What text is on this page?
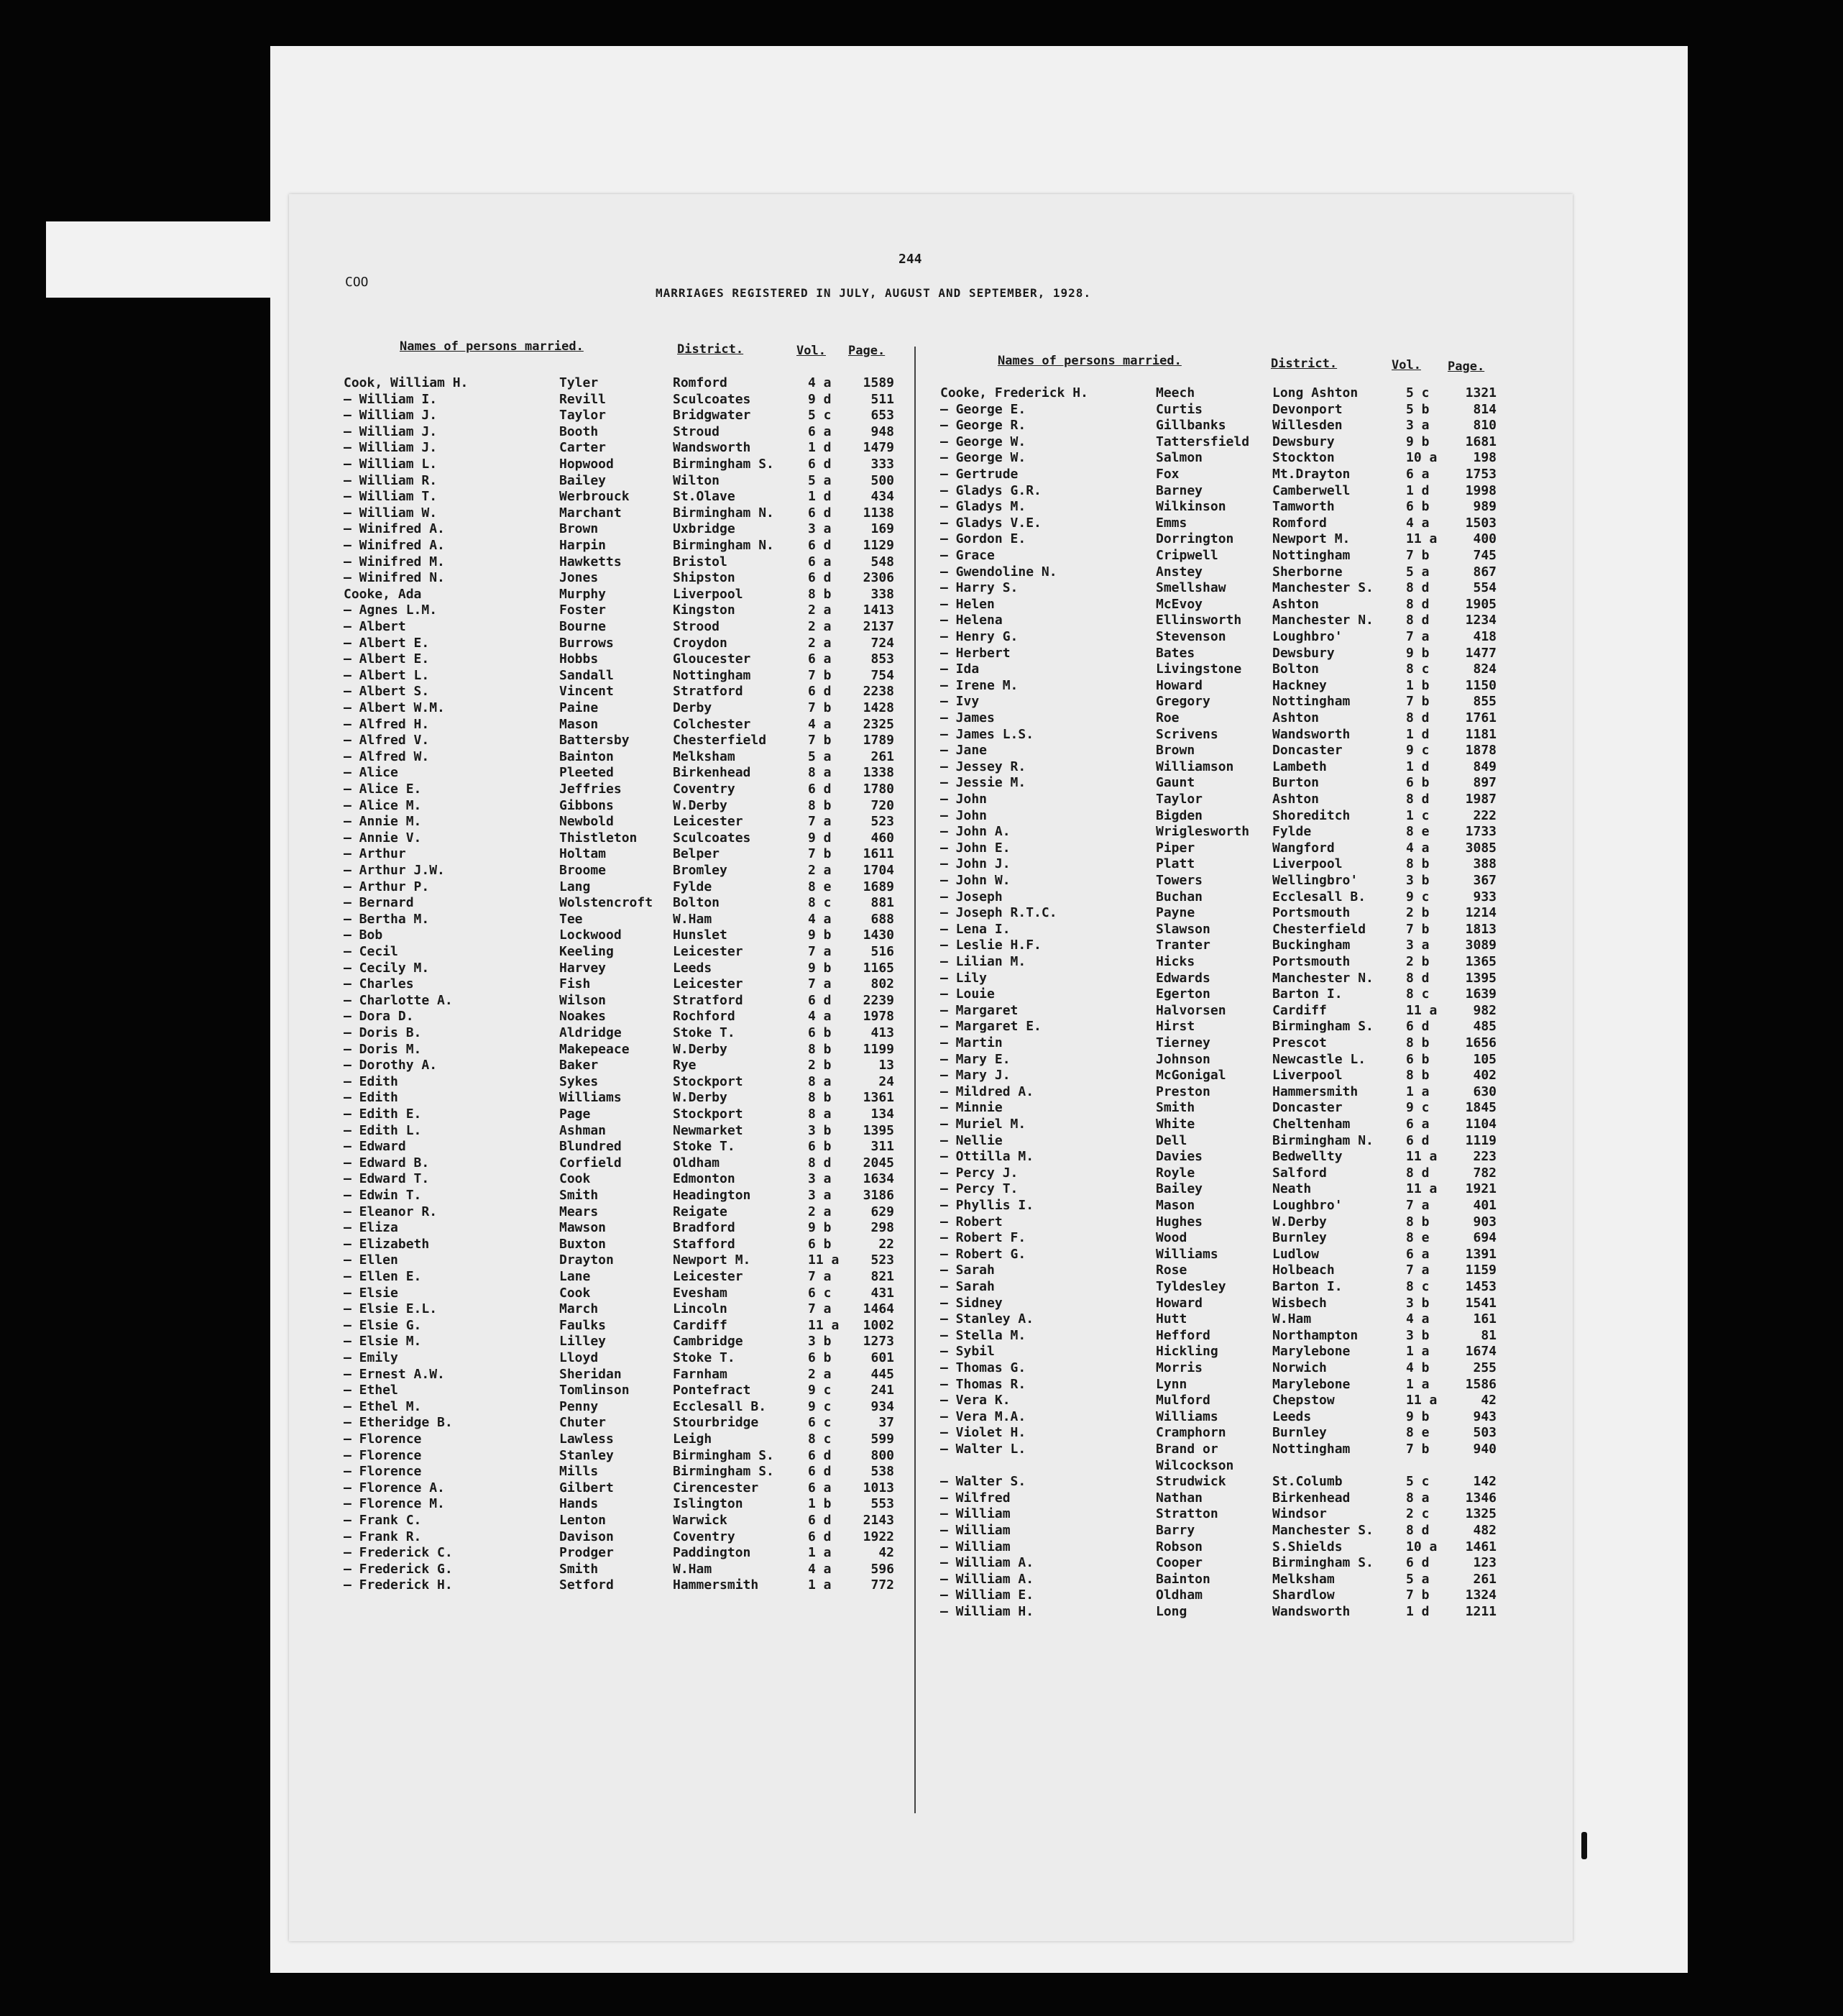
244
COO
MARRIAGES REGISTERED IN JULY, AUGUST AND SEPTEMBER, 1928.
Names of persons married.	District.	Vol. Page.
Names of persons married.	District.	Vol. Page.
Cook, William H.	Tyler	Romford	4 a	1589
— William I.	Revill	Sculcoates	9 d	511
— William J.	Taylor	Bridgwater	5 c	653
— William J.	Booth	Stroud	6 a	948
— William J.	Carter	Wandsworth	1 d	1479
— William L.	Hopwood	Birmingham S.	6 d	333
— William R.	Bailey	Wilton	5 a	500
— William T.	Werbrouck	St.Olave	1 d	434
— William W.	Marchant	Birmingham N.	6 d	1138
— Winifred A.	Brown	Uxbridge	3 a	169
— Winifred A.	Harpin	Birmingham N.	6 d	1129
— Winifred M.	Hawketts	Bristol	6 a	548
— Winifred N.	Jones	Shipston	6 d	2306
Cooke, Ada	Murphy	Liverpool	8 b	338
— Agnes L.M.	Foster	Kingston	2 a	1413
— Albert	Bourne	Strood	2 a	2137
— Albert E.	Burrows	Croydon	2 a	724
— Albert E.	Hobbs	Gloucester	6 a	853
— Albert L.	Sandall	Nottingham	7 b	754
— Albert S.	Vincent	Stratford	6 d	2238
— Albert W.M.	Paine	Derby	7 b	1428
— Alfred H.	Mason	Colchester	4 a	2325
— Alfred V.	Battersby	Chesterfield	7 b	1789
— Alfred W.	Bainton	Melksham	5 a	261
— Alice	Pleeted	Birkenhead	8 a	1338
— Alice E.	Jeffries	Coventry	6 d	1780
— Alice M.	Gibbons	W.Derby	8 b	720
— Annie M.	Newbold	Leicester	7 a	523
— Annie V.	Thistleton	Sculcoates	9 d	460
— Arthur	Holtam	Belper	7 b	1611
— Arthur J.W.	Broome	Bromley	2 a	1704
— Arthur P.	Lang	Fylde	8 e	1689
— Bernard	Wolstencroft Bolton	8 c	881
— Bertha M.	Tee	W.Ham	4 a	688
— Bob	Lockwood	Hunslet	9 b	1430
— Cecil	Keeling	Leicester	7 a	516
— Cecily M.	Harvey	Leeds	9 b	1165
— Charles	Fish	Leicester	7 a	802
— Charlotte A.	Wilson	Stratford	6 d	2239
— Dora D.	Noakes	Rochford	4 a	1978
— Doris B.	Aldridge	Stoke T.	6 b	413
— Doris M.	Makepeace	W.Derby	8 b	1199
— Dorothy A.	Baker	Rye	2 b	13
— Edith	Sykes	Stockport	8 a	24
— Edith	Williams	W.Derby	8 b	1361
— Edith E.	Page	Stockport	8 a	134
— Edith L.	Ashman	Newmarket	3 b	1395
— Edward	Blundred	Stoke T.	6 b	311
— Edward B.	Corfield	Oldham	8 d	2045
— Edward T.	Cook	Edmonton	3 a	1634
— Edwin T.	Smith	Headington	3 a	3186
— Eleanor R.	Mears	Reigate	2 a	629
— Eliza	Mawson	Bradford	9 b	298
— Elizabeth	Buxton	Stafford	6 b	22
— Ellen	Drayton	Newport M.	11 a	523
— Ellen E.	Lane	Leicester	7 a	821
— Elsie	Cook	Evesham	6 c	431
— Elsie E.L.	March	Lincoln	7 a	1464
— Elsie G.	Faulks	Cardiff	11 a	1002
— Elsie M.	Lilley	Cambridge	3 b	1273
— Emily	Lloyd	Stoke T.	6 b	601
— Ernest A.W.	Sheridan	Farnham	2 a	445
— Ethel	Tomlinson	Pontefract	9 c	241
— Ethel M.	Penny	Ecclesall B.	9 c	934
— Etheridge B.	Chuter	Stourbridge	6 c	37
— Florence	Lawless	Leigh	8 c	599
— Florence	Stanley	Birmingham S.	6 d	800
— Florence	Mills	Birmingham S.	6 d	538
— Florence A.	Gilbert	Cirencester	6 a	1013
— Florence M.	Hands	Islington	1 b	553
— Frank C.	Lenton	Warwick	6 d	2143
— Frank R.	Davison	Coventry	6 d	1922
— Frederick C.	Prodger	Paddington	1 a	42
— Frederick G.	Smith	W.Ham	4 a	596
— Frederick H.	Setford	Hammersmith	1 a	772
Cooke, Frederick H.	Meech	Long Ashton	5 c	1321
— George E.	Curtis	Devonport	5 b	814
— George R.	Gillbanks	Willesden	3 a	810
— George W.	Tattersfield Dewsbury	9 b	1681
— George W.	Salmon	Stockton	10 a	198
— Gertrude	Fox	Mt.Drayton	6 a	1753
— Gladys G.R.	Barney	Camberwell	1 d	1998
— Gladys M.	Wilkinson	Tamworth	6 b	989
— Gladys V.E.	Emms	Romford	4 a	1503
— Gordon E.	Dorrington	Newport M.	11 a	400
— Grace	Cripwell	Nottingham	7 b	745
— Gwendoline N.	Anstey	Sherborne	5 a	867
— Harry S.	Smellshaw	Manchester S.	8 d	554
— Helen	McEvoy	Ashton	8 d	1905
— Helena	Ellinsworth Manchester N.	8 d	1234
— Henry G.	Stevenson	Loughbro'	7 a	418
— Herbert	Bates	Dewsbury	9 b	1477
— Ida	Livingstone Bolton	8 c	824
— Irene M.	Howard	Hackney	1 b	1150
— Ivy	Gregory	Nottingham	7 b	855
— James	Roe	Ashton	8 d	1761
— James L.S.	Scrivens	Wandsworth	1 d	1181
— Jane	Brown	Doncaster	9 c	1878
— Jessey R.	Williamson	Lambeth	1 d	849
— Jessie M.	Gaunt	Burton	6 b	897
— John	Taylor	Ashton	8 d	1987
— John	Bigden	Shoreditch	1 c	222
— John A.	Wriglesworth Fylde	8 e	1733
— John E.	Piper	Wangford	4 a	3085
— John J.	Platt	Liverpool	8 b	388
— John W.	Towers	Wellingbro'	3 b	367
— Joseph	Buchan	Ecclesall B.	9 c	933
— Joseph R.T.C.	Payne	Portsmouth	2 b	1214
— Lena I.	Slawson	Chesterfield	7 b	1813
— Leslie H.F.	Tranter	Buckingham	3 a	3089
— Lilian M.	Hicks	Portsmouth	2 b	1365
— Lily	Edwards	Manchester N.	8 d	1395
— Louie	Egerton	Barton I.	8 c	1639
— Margaret	Halvorsen	Cardiff	11 a	982
— Margaret E.	Hirst	Birmingham S.	6 d	485
— Martin	Tierney	Prescot	8 b	1656
— Mary E.	Johnson	Newcastle L.	6 b	105
— Mary J.	McGonigal	Liverpool	8 b	402
— Mildred A.	Preston	Hammersmith	1 a	630
— Minnie	Smith	Doncaster	9 c	1845
— Muriel M.	White	Cheltenham	6 a	1104
— Nellie	Dell	Birmingham N.	6 d	1119
— Ottilla M.	Davies	Bedwellty	11 a	223
— Percy J.	Royle	Salford	8 d	782
— Percy T.	Bailey	Neath	11 a	1921
— Phyllis I.	Mason	Loughbro'	7 a	401
— Robert	Hughes	W.Derby	8 b	903
— Robert F.	Wood	Burnley	8 e	694
— Robert G.	Williams	Ludlow	6 a	1391
— Sarah	Rose	Holbeach	7 a	1159
— Sarah	Tyldesley	Barton I.	8 c	1453
— Sidney	Howard	Wisbech	3 b	1541
— Stanley A.	Hutt	W.Ham	4 a	161
— Stella M.	Hefford	Northampton	3 b	81
— Sybil	Hickling	Marylebone	1 a	1674
— Thomas G.	Morris	Norwich	4 b	255
— Thomas R.	Lynn	Marylebone	1 a	1586
— Vera K.	Mulford	Chepstow	11 a	42
— Vera M.A.	Williams	Leeds	9 b	943
— Violet H.	Cramphorn	Burnley	8 e	503
— Walter L.	Brand or	Nottingham	7 b	940
Wilcockson
— Walter S.	Strudwick	St.Columb	5 c	142
— Wilfred	Nathan	Birkenhead	8 a	1346
— William	Stratton	Windsor	2 c	1325
— William	Barry	Manchester S.	8 d	482
— William	Robson	S.Shields	10 a	1461
— William A.	Cooper	Birmingham S.	6 d	123
— William A.	Bainton	Melksham	5 a	261
— William E.	Oldham	Shardlow	7 b	1324
— William H.	Long	Wandsworth	1 d	1211
